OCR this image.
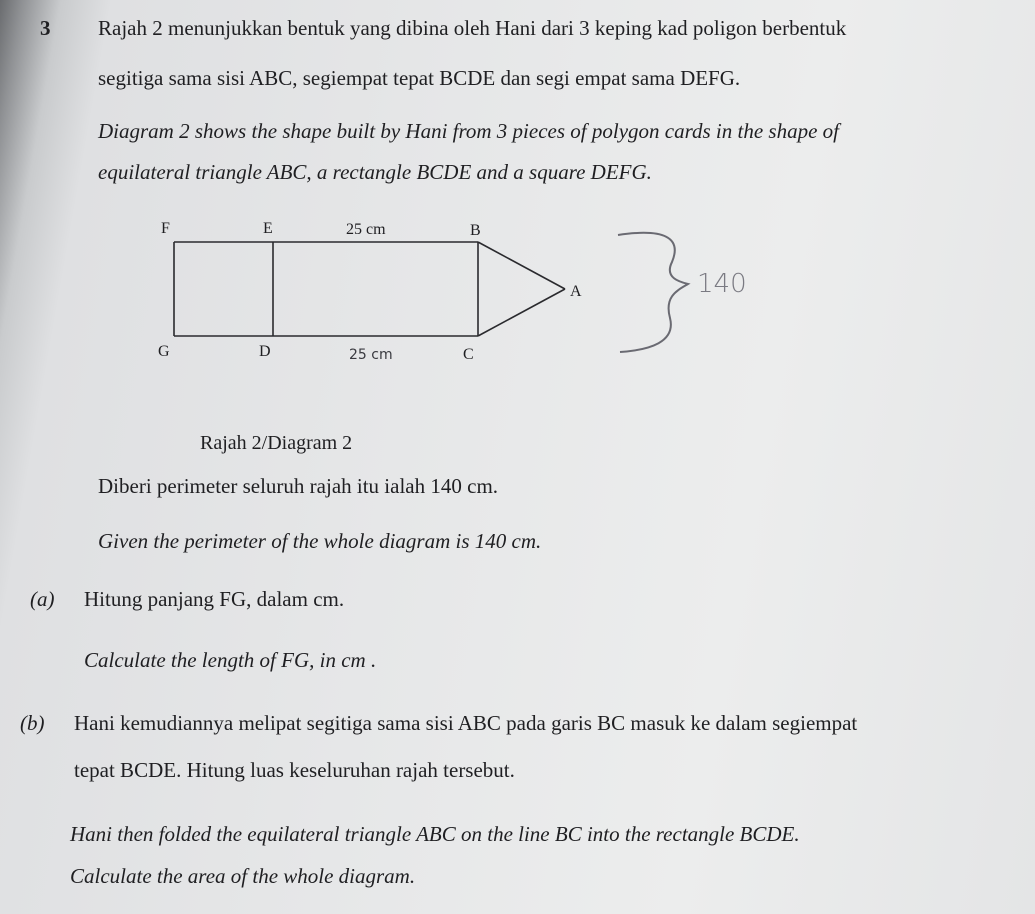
3 Rajah 2 menunjukkan bentuk yang dibina oleh Hani dari 3 keping kad poligon berbentuk
segitiga sama sisi ABC, segiempat tepat BCDE dan segi empat sama DEFG.
Diagram 2 shows the shape built by Hani from 3 pieces of polygon cards in the shape of
equilateral triangle ABC, a rectangle BCDE and a square DEFG.
F	E	25 cm	B
A
G	D	25 cm	C
140
Rajah 2/Diagram 2
Diberi perimeter seluruh rajah itu ialah 140 cm.
Given the perimeter of the whole diagram is 140 cm.
(a) Hitung panjang FG, dalam cm.
Calculate the length of FG, in cm .
(b) Hani kemudiannya melipat segitiga sama sisi ABC pada garis BC masuk ke dalam segiempat
tepat BCDE. Hitung luas keseluruhan rajah tersebut.
Hani then folded the equilateral triangle ABC on the line BC into the rectangle BCDE.
Calculate the area of the whole diagram.
